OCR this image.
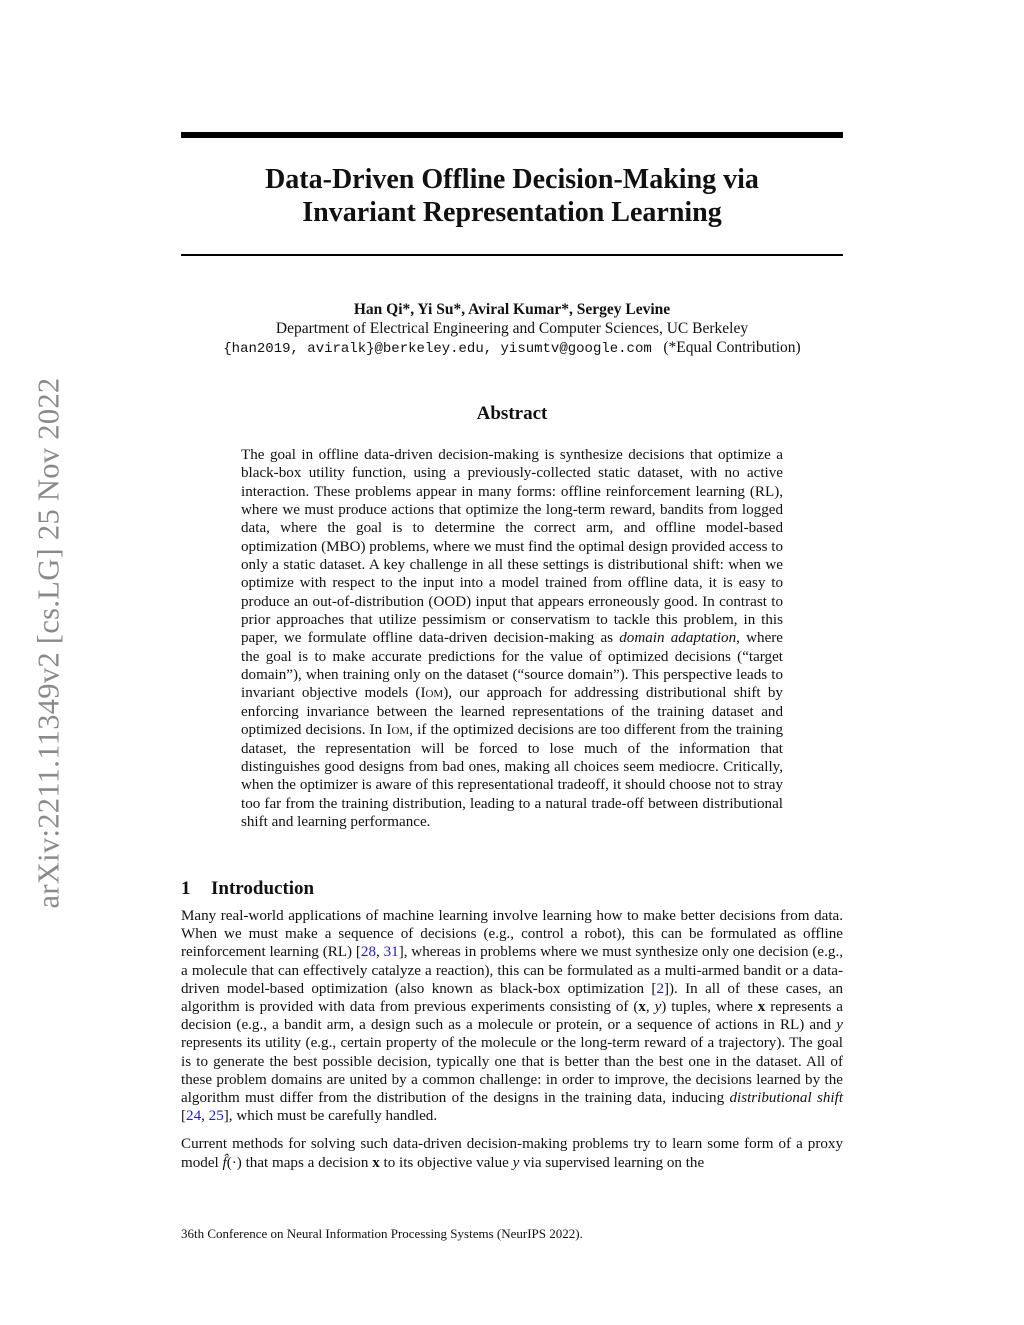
arXiv:2211.11349v2 [cs.LG] 25 Nov 2022
Data-Driven Offline Decision-Making via
Invariant Representation Learning
Han Qi*, Yi Su*, Aviral Kumar*, Sergey Levine
Department of Electrical Engineering and Computer Sciences, UC Berkeley
{han2019, aviralk}@berkeley.edu, yisumtv@google.com (*Equal Contribution)
Abstract
The goal in offline data-driven decision-making is synthesize decisions that optimize a black-box utility function, using a previously-collected static dataset, with no active interaction. These problems appear in many forms: offline reinforcement learning (RL), where we must produce actions that optimize the long-term reward, bandits from logged data, where the goal is to determine the correct arm, and offline model-based optimization (MBO) problems, where we must find the optimal design provided access to only a static dataset. A key challenge in all these settings is distributional shift: when we optimize with respect to the input into a model trained from offline data, it is easy to produce an out-of-distribution (OOD) input that appears erroneously good. In contrast to prior approaches that utilize pessimism or conservatism to tackle this problem, in this paper, we formulate offline data-driven decision-making as domain adaptation, where the goal is to make accurate predictions for the value of optimized decisions (“target domain”), when training only on the dataset (“source domain”). This perspective leads to invariant objective models (Iom), our approach for addressing distributional shift by enforcing invariance between the learned representations of the training dataset and optimized decisions. In Iom, if the optimized decisions are too different from the training dataset, the representation will be forced to lose much of the information that distinguishes good designs from bad ones, making all choices seem mediocre. Critically, when the optimizer is aware of this representational tradeoff, it should choose not to stray too far from the training distribution, leading to a natural trade-off between distributional shift and learning performance.
1 Introduction

Many real-world applications of machine learning involve learning how to make better decisions from data. When we must make a sequence of decisions (e.g., control a robot), this can be formulated as offline reinforcement learning (RL) [28, 31], whereas in problems where we must synthesize only one decision (e.g., a molecule that can effectively catalyze a reaction), this can be formulated as a multi-armed bandit or a data-driven model-based optimization (also known as black-box optimization [2]). In all of these cases, an algorithm is provided with data from previous experiments consisting of (x, y) tuples, where x represents a decision (e.g., a bandit arm, a design such as a molecule or protein, or a sequence of actions in RL) and y represents its utility (e.g., certain property of the molecule or the long-term reward of a trajectory). The goal is to generate the best possible decision, typically one that is better than the best one in the dataset. All of these problem domains are united by a common challenge: in order to improve, the decisions learned by the algorithm must differ from the distribution of the designs in the training data, inducing distributional shift [24, 25], which must be carefully handled.

Current methods for solving such data-driven decision-making problems try to learn some form of a proxy model f̂(·) that maps a decision x to its objective value y via supervised learning on the

36th Conference on Neural Information Processing Systems (NeurIPS 2022).
